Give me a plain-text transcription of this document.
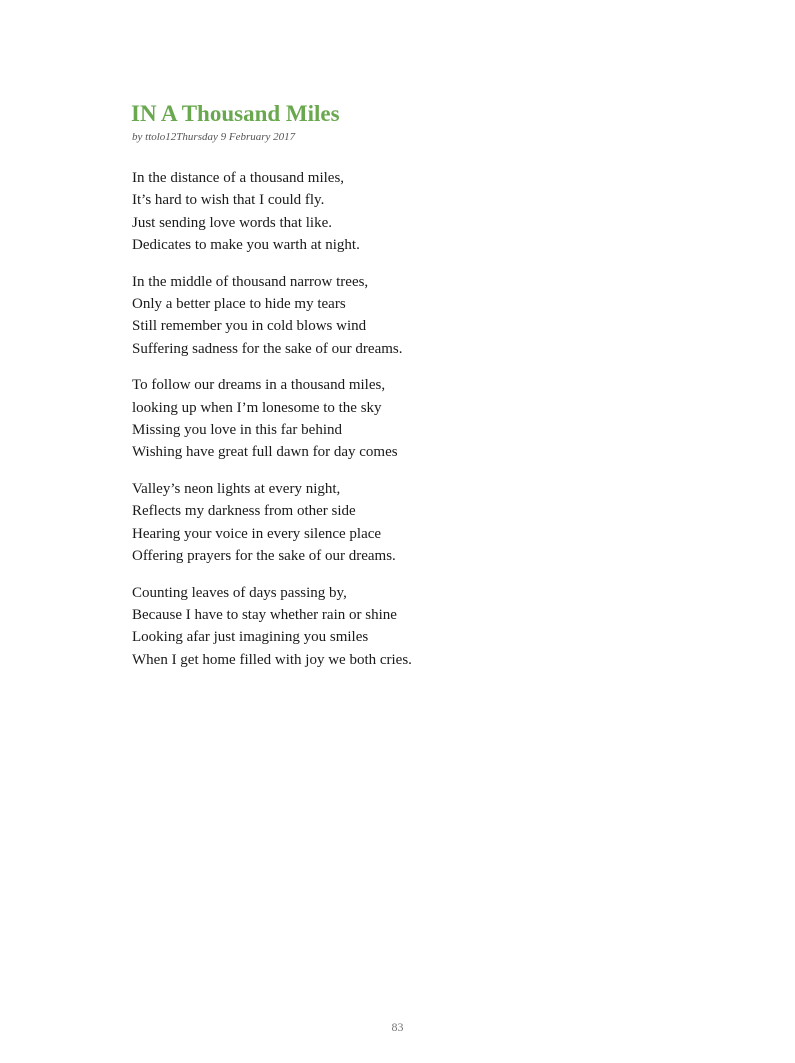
IN A Thousand Miles

by ttolo12Thursday 9 February 2017

In the distance of a thousand miles,
It’s hard to wish that I could fly.
Just sending love words that like.
Dedicates to make you warth at night.

In the middle of thousand narrow trees,
Only a better place to hide my tears
Still remember you in cold blows wind
Suffering sadness for the sake of our dreams.

To follow our dreams in a thousand miles,
looking up when I’m lonesome to the sky
Missing you love in this far behind
Wishing have great full dawn for day comes

Valley’s neon lights at every night,
Reflects my darkness from other side
Hearing your voice in every silence place
Offering prayers for the sake of our dreams.

Counting leaves of days passing by,
Because I have to stay whether rain or shine
Looking afar just imagining you smiles
When I get home filled with joy we both cries.

83
